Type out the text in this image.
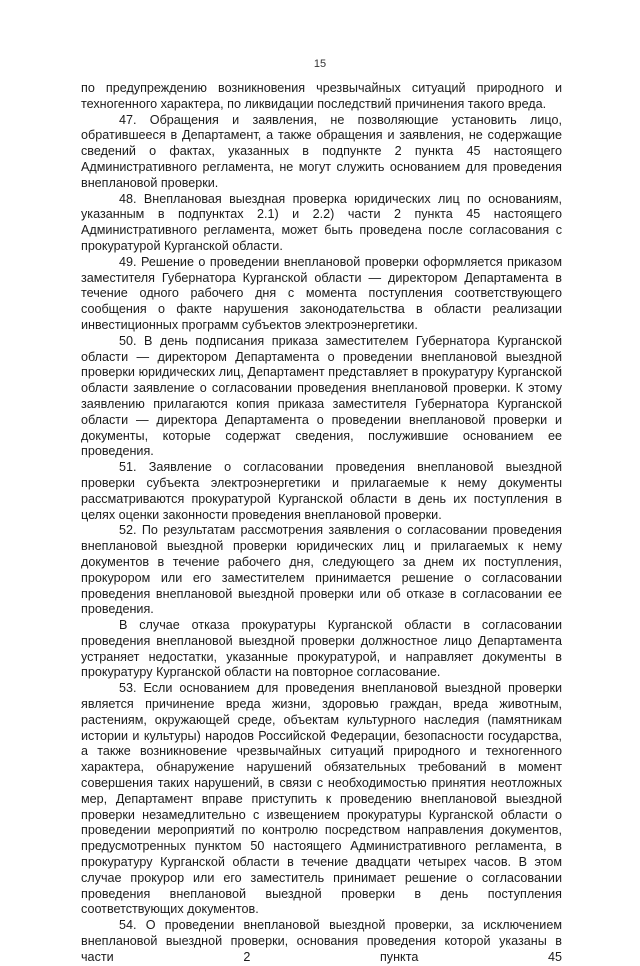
15

по предупреждению возникновения чрезвычайных ситуаций природного и техногенного характера, по ликвидации последствий причинения такого вреда.

47. Обращения и заявления, не позволяющие установить лицо, обратившееся в Департамент, а также обращения и заявления, не содержащие сведений о фактах, указанных в подпункте 2 пункта 45 настоящего Административного регламента, не могут служить основанием для проведения внеплановой проверки.

48. Внеплановая выездная проверка юридических лиц по основаниям, указанным в подпунктах 2.1) и 2.2) части 2 пункта 45 настоящего Административного регламента, может быть проведена после согласования с прокуратурой Курганской области.

49. Решение о проведении внеплановой проверки оформляется приказом заместителя Губернатора Курганской области — директором Департамента в течение одного рабочего дня с момента поступления соответствующего сообщения о факте нарушения законодательства в области реализации инвестиционных программ субъектов электроэнергетики.

50. В день подписания приказа заместителем Губернатора Курганской области — директором Департамента о проведении внеплановой выездной проверки юридических лиц, Департамент представляет в прокуратуру Курганской области заявление о согласовании проведения внеплановой проверки. К этому заявлению прилагаются копия приказа заместителя Губернатора Курганской области — директора Департамента о проведении внеплановой проверки и документы, которые содержат сведения, послужившие основанием ее проведения.

51. Заявление о согласовании проведения внеплановой выездной проверки субъекта электроэнергетики и прилагаемые к нему документы рассматриваются прокуратурой Курганской области в день их поступления в целях оценки законности проведения внеплановой проверки.

52. По результатам рассмотрения заявления о согласовании проведения внеплановой выездной проверки юридических лиц и прилагаемых к нему документов в течение рабочего дня, следующего за днем их поступления, прокурором или его заместителем принимается решение о согласовании проведения внеплановой выездной проверки или об отказе в согласовании ее проведения.

В случае отказа прокуратуры Курганской области в согласовании проведения внеплановой выездной проверки должностное лицо Департамента устраняет недостатки, указанные прокуратурой, и направляет документы в прокуратуру Курганской области на повторное согласование.

53. Если основанием для проведения внеплановой выездной проверки является причинение вреда жизни, здоровью граждан, вреда животным, растениям, окружающей среде, объектам культурного наследия (памятникам истории и культуры) народов Российской Федерации, безопасности государства, а также возникновение чрезвычайных ситуаций природного и техногенного характера, обнаружение нарушений обязательных требований в момент совершения таких нарушений, в связи с необходимостью принятия неотложных мер, Департамент вправе приступить к проведению внеплановой выездной проверки незамедлительно с извещением прокуратуры Курганской области о проведении мероприятий по контролю посредством направления документов, предусмотренных пунктом 50 настоящего Административного регламента, в прокуратуру Курганской области в течение двадцати четырех часов. В этом случае прокурор или его заместитель принимает решение о согласовании проведения внеплановой выездной проверки в день поступления соответствующих документов.

54. О проведении внеплановой выездной проверки, за исключением внеплановой выездной проверки, основания проведения которой указаны в части 2 пункта 45
